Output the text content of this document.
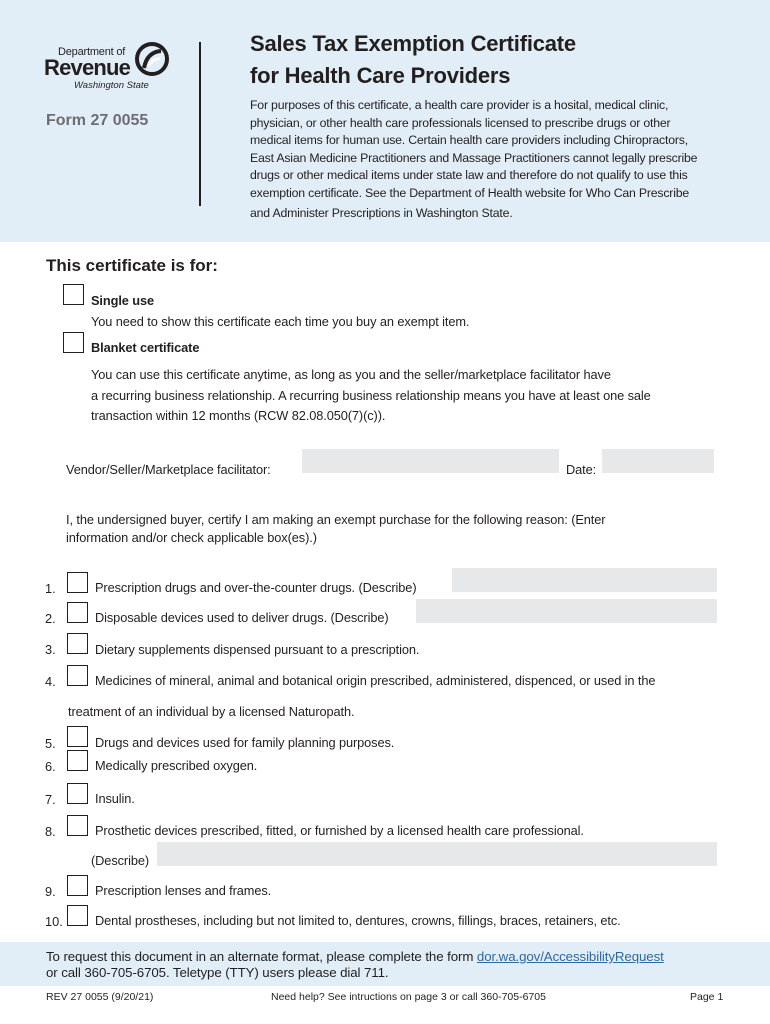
Department of
Revenue
Washington State
Form 27 0055
Sales Tax Exemption Certificate
for Health Care Providers
For purposes of this certificate, a health care provider is a hosital, medical clinic,
physician, or other health care professionals licensed to prescribe drugs or other
medical items for human use. Certain health care providers including Chiropractors,
East Asian Medicine Practitioners and Massage Practitioners cannot legally prescribe
drugs or other medical items under state law and therefore do not qualify to use this
exemption certificate. See the Department of Health website for Who Can Prescribe
and Administer Prescriptions in Washington State.
This certificate is for:
Single use
You need to show this certificate each time you buy an exempt item.
Blanket certificate
You can use this certificate anytime, as long as you and the seller/marketplace facilitator have
a recurring business relationship. A recurring business relationship means you have at least one sale
transaction within 12 months (RCW 82.08.050(7)(c)).
Vendor/Seller/Marketplace facilitator:	Date:
I, the undersigned buyer, certify I am making an exempt purchase for the following reason: (Enter
information and/or check applicable box(es).)
1.	Prescription drugs and over-the-counter drugs. (Describe)
2.	Disposable devices used to deliver drugs. (Describe)
3.	Dietary supplements dispensed pursuant to a prescription.
4.	Medicines of mineral, animal and botanical origin prescribed, administered, dispenced, or used in the
treatment of an individual by a licensed Naturopath.
5.	Drugs and devices used for family planning purposes.
6.	Medically prescribed oxygen.
7.	Insulin.
8.	Prosthetic devices prescribed, fitted, or furnished by a licensed health care professional.
(Describe)
9.	Prescription lenses and frames.
10.	Dental prostheses, including but not limited to, dentures, crowns, fillings, braces, retainers, etc.
To request this document in an alternate format, please complete the form dor.wa.gov/AccessibilityRequest
or call 360-705-6705. Teletype (TTY) users please dial 711.
REV 27 0055 (9/20/21)	Need help? See intructions on page 3 or call 360-705-6705	Page 1
